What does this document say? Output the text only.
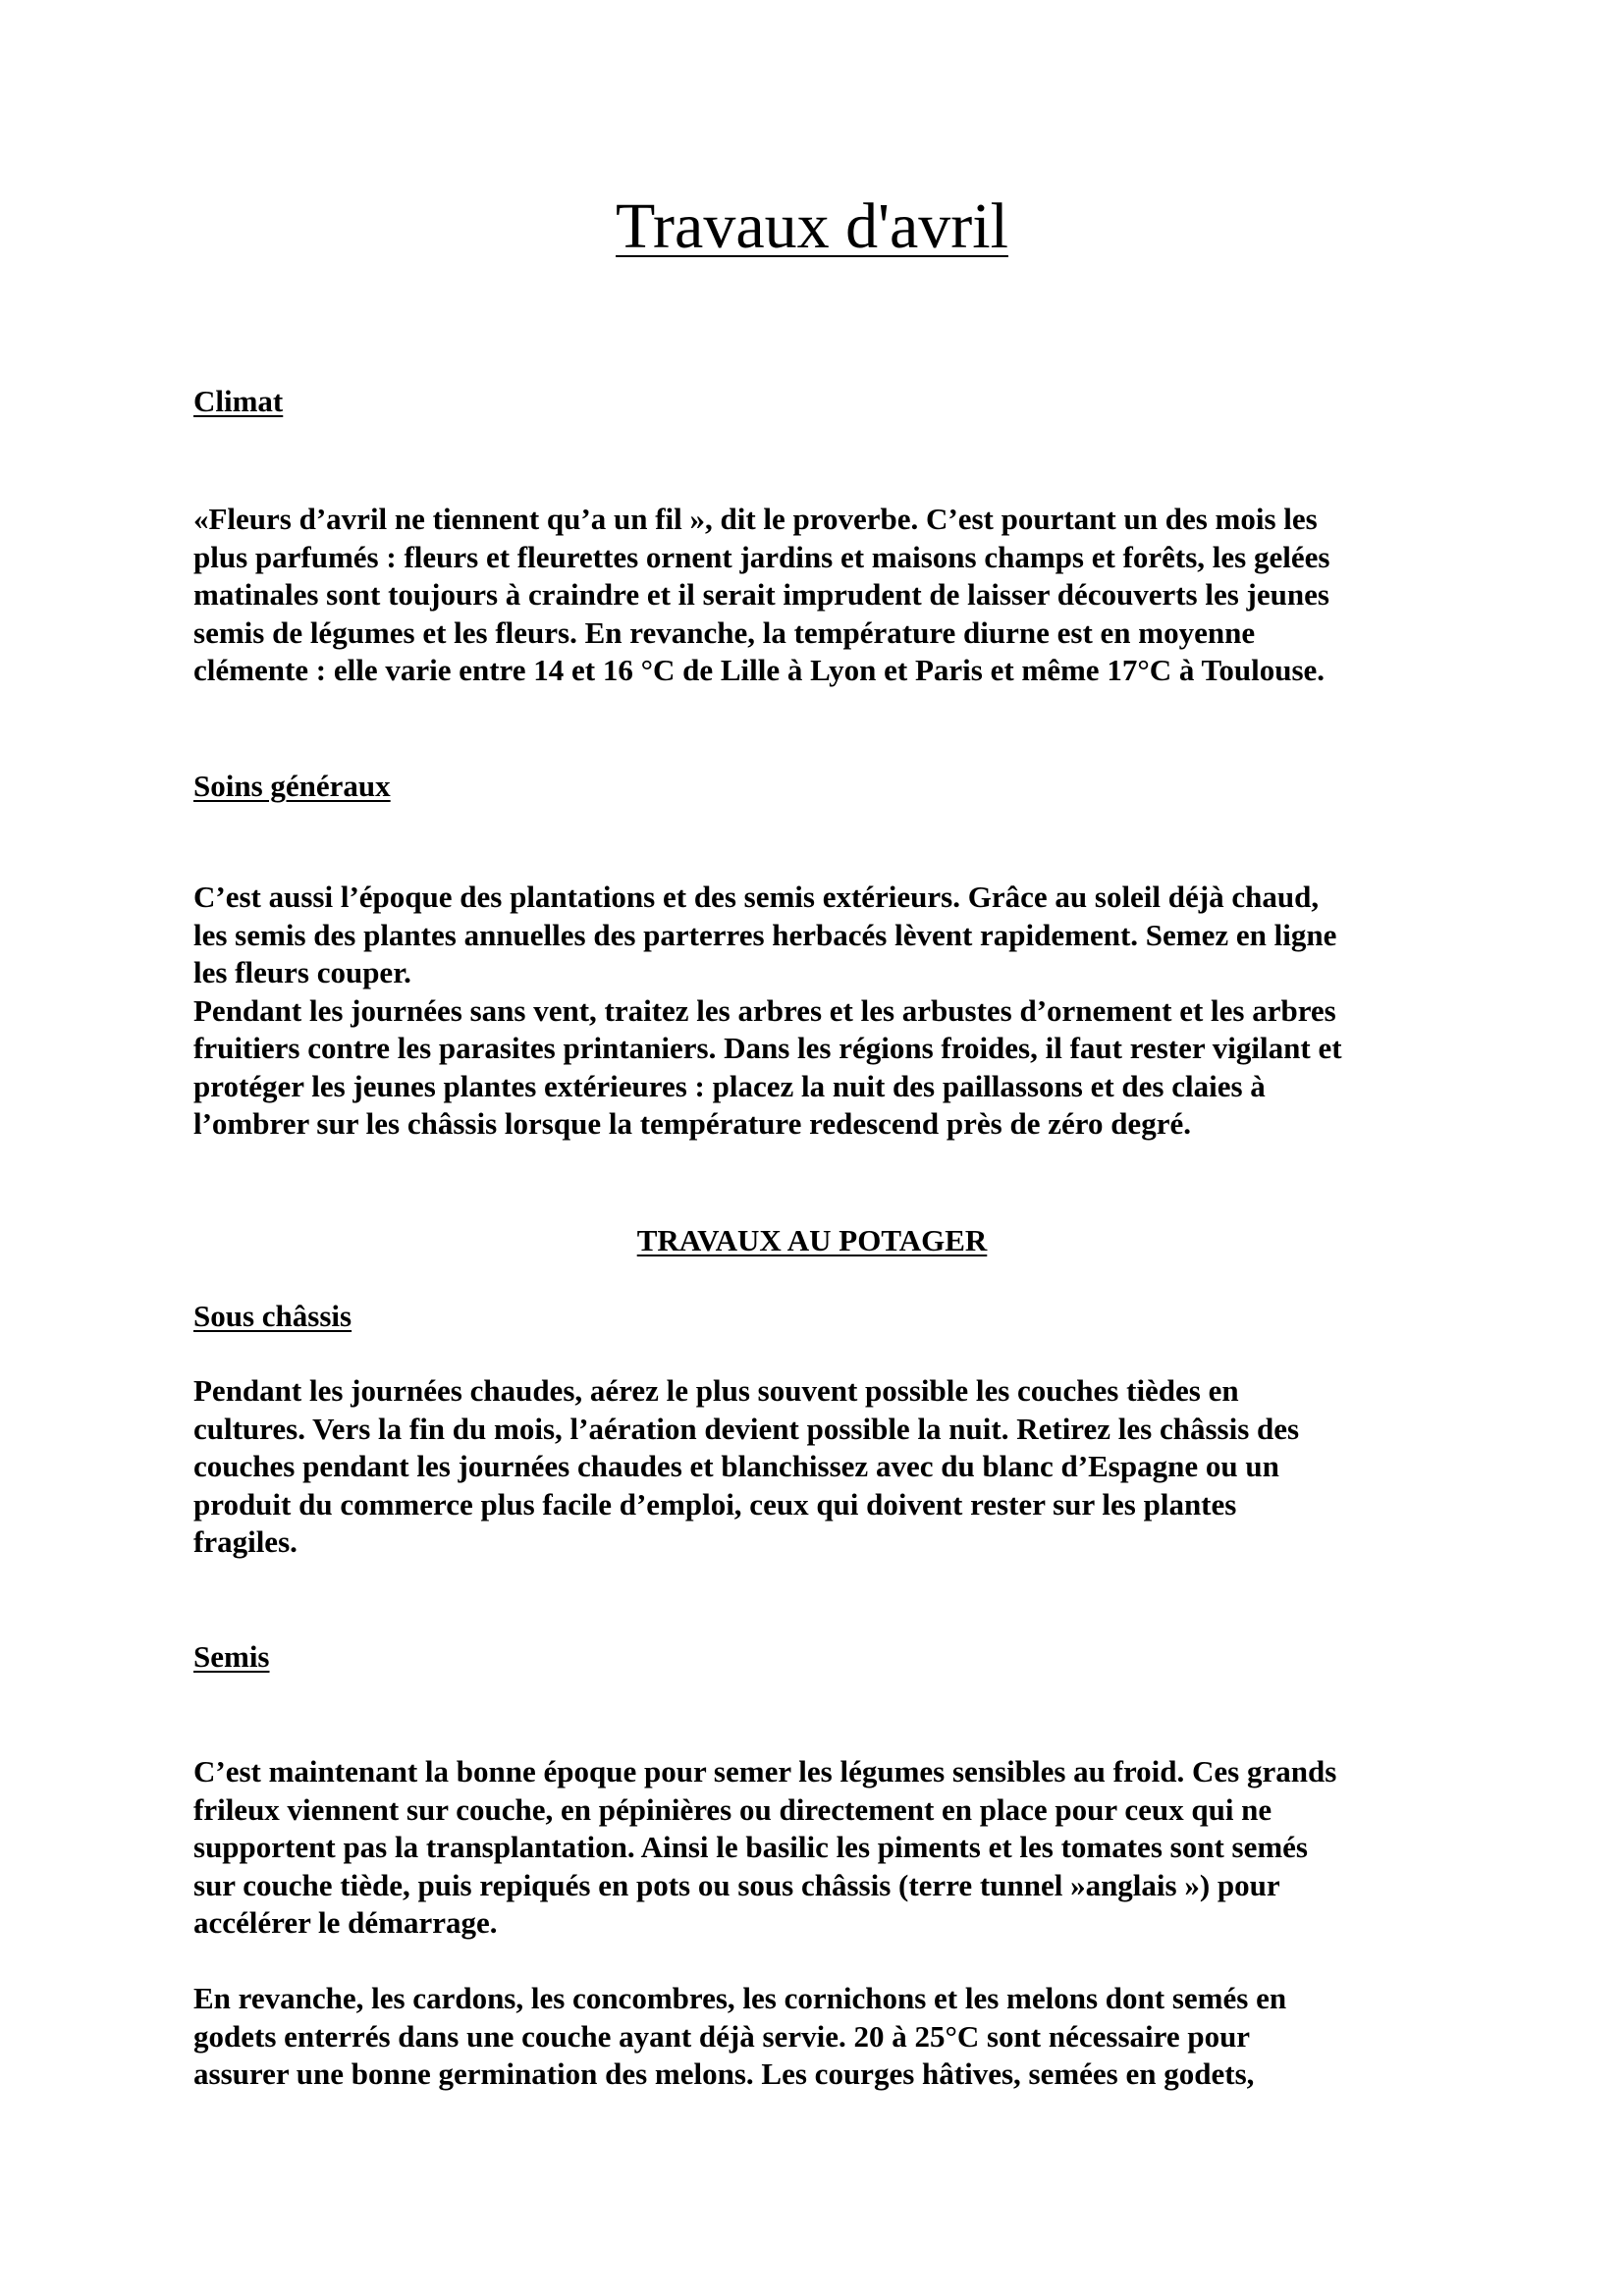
Travaux d'avril
Climat

«Fleurs d’avril ne tiennent qu’a un fil », dit le proverbe. C’est pourtant un des mois les
plus parfumés : fleurs et fleurettes ornent jardins et maisons champs et forêts, les gelées
matinales sont toujours à craindre et il serait imprudent de laisser découverts les jeunes
semis de légumes et les fleurs. En revanche, la température diurne est en moyenne
clémente : elle varie entre 14 et 16 °C de Lille à Lyon et Paris et même 17°C à Toulouse.

Soins généraux

C’est aussi l’époque des plantations et des semis extérieurs. Grâce au soleil déjà chaud,
les semis des plantes annuelles des parterres herbacés lèvent rapidement. Semez en ligne
les fleurs couper.
Pendant les journées sans vent, traitez les arbres et les arbustes d’ornement et les arbres
fruitiers contre les parasites printaniers. Dans les régions froides, il faut rester vigilant et
protéger les jeunes plantes extérieures : placez la nuit des paillassons et des claies à
l’ombrer sur les châssis lorsque la température redescend près de zéro degré.

TRAVAUX AU POTAGER
Sous châssis

Pendant les journées chaudes, aérez le plus souvent possible les couches tièdes en
cultures. Vers la fin du mois, l’aération devient possible la nuit. Retirez les châssis des
couches pendant les journées chaudes et blanchissez avec du blanc d’Espagne ou un
produit du commerce plus facile d’emploi, ceux qui doivent rester sur les plantes
fragiles.

Semis

C’est maintenant la bonne époque pour semer les légumes sensibles au froid. Ces grands
frileux viennent sur couche, en pépinières ou directement en place pour ceux qui ne
supportent pas la transplantation. Ainsi le basilic les piments et les tomates sont semés
sur couche tiède, puis repiqués en pots ou sous châssis (terre tunnel »anglais ») pour
accélérer le démarrage.

En revanche, les cardons, les concombres, les cornichons et les melons dont semés en
godets enterrés dans une couche ayant déjà servie. 20 à 25°C sont nécessaire pour
assurer une bonne germination des melons. Les courges hâtives, semées en godets,
